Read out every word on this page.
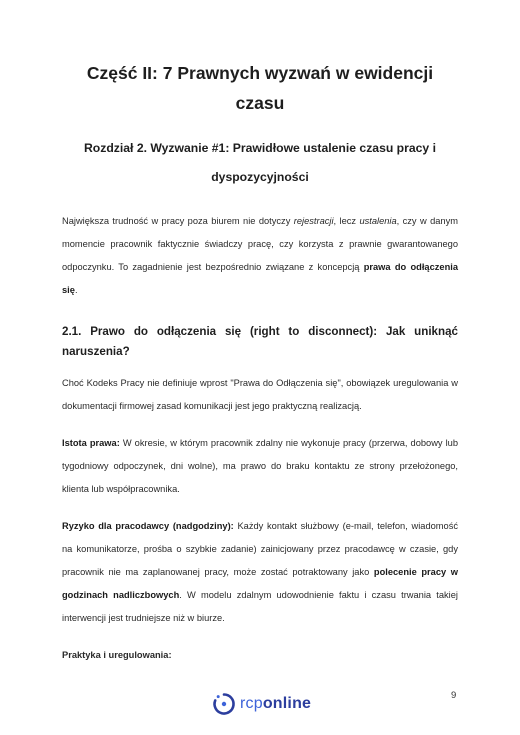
Część II: 7 Prawnych wyzwań w ewidencji czasu
Rozdział 2. Wyzwanie #1: Prawidłowe ustalenie czasu pracy i dyspozycyjności

Największa trudność w pracy poza biurem nie dotyczy rejestracji, lecz ustalenia, czy w danym momencie pracownik faktycznie świadczy pracę, czy korzysta z prawnie gwarantowanego odpoczynku. To zagadnienie jest bezpośrednio związane z koncepcją prawa do odłączenia się.

2.1. Prawo do odłączenia się (right to disconnect): Jak uniknąć naruszenia?

Choć Kodeks Pracy nie definiuje wprost "Prawa do Odłączenia się", obowiązek uregulowania w dokumentacji firmowej zasad komunikacji jest jego praktyczną realizacją.

Istota prawa: W okresie, w którym pracownik zdalny nie wykonuje pracy (przerwa, dobowy lub tygodniowy odpoczynek, dni wolne), ma prawo do braku kontaktu ze strony przełożonego, klienta lub współpracownika.

Ryzyko dla pracodawcy (nadgodziny): Każdy kontakt służbowy (e-mail, telefon, wiadomość na komunikatorze, prośba o szybkie zadanie) zainicjowany przez pracodawcę w czasie, gdy pracownik nie ma zaplanowanej pracy, może zostać potraktowany jako polecenie pracy w godzinach nadliczbowych. W modelu zdalnym udowodnienie faktu i czasu trwania takiej interwencji jest trudniejsze niż w biurze.

Praktyka i uregulowania:

rcponline	9
